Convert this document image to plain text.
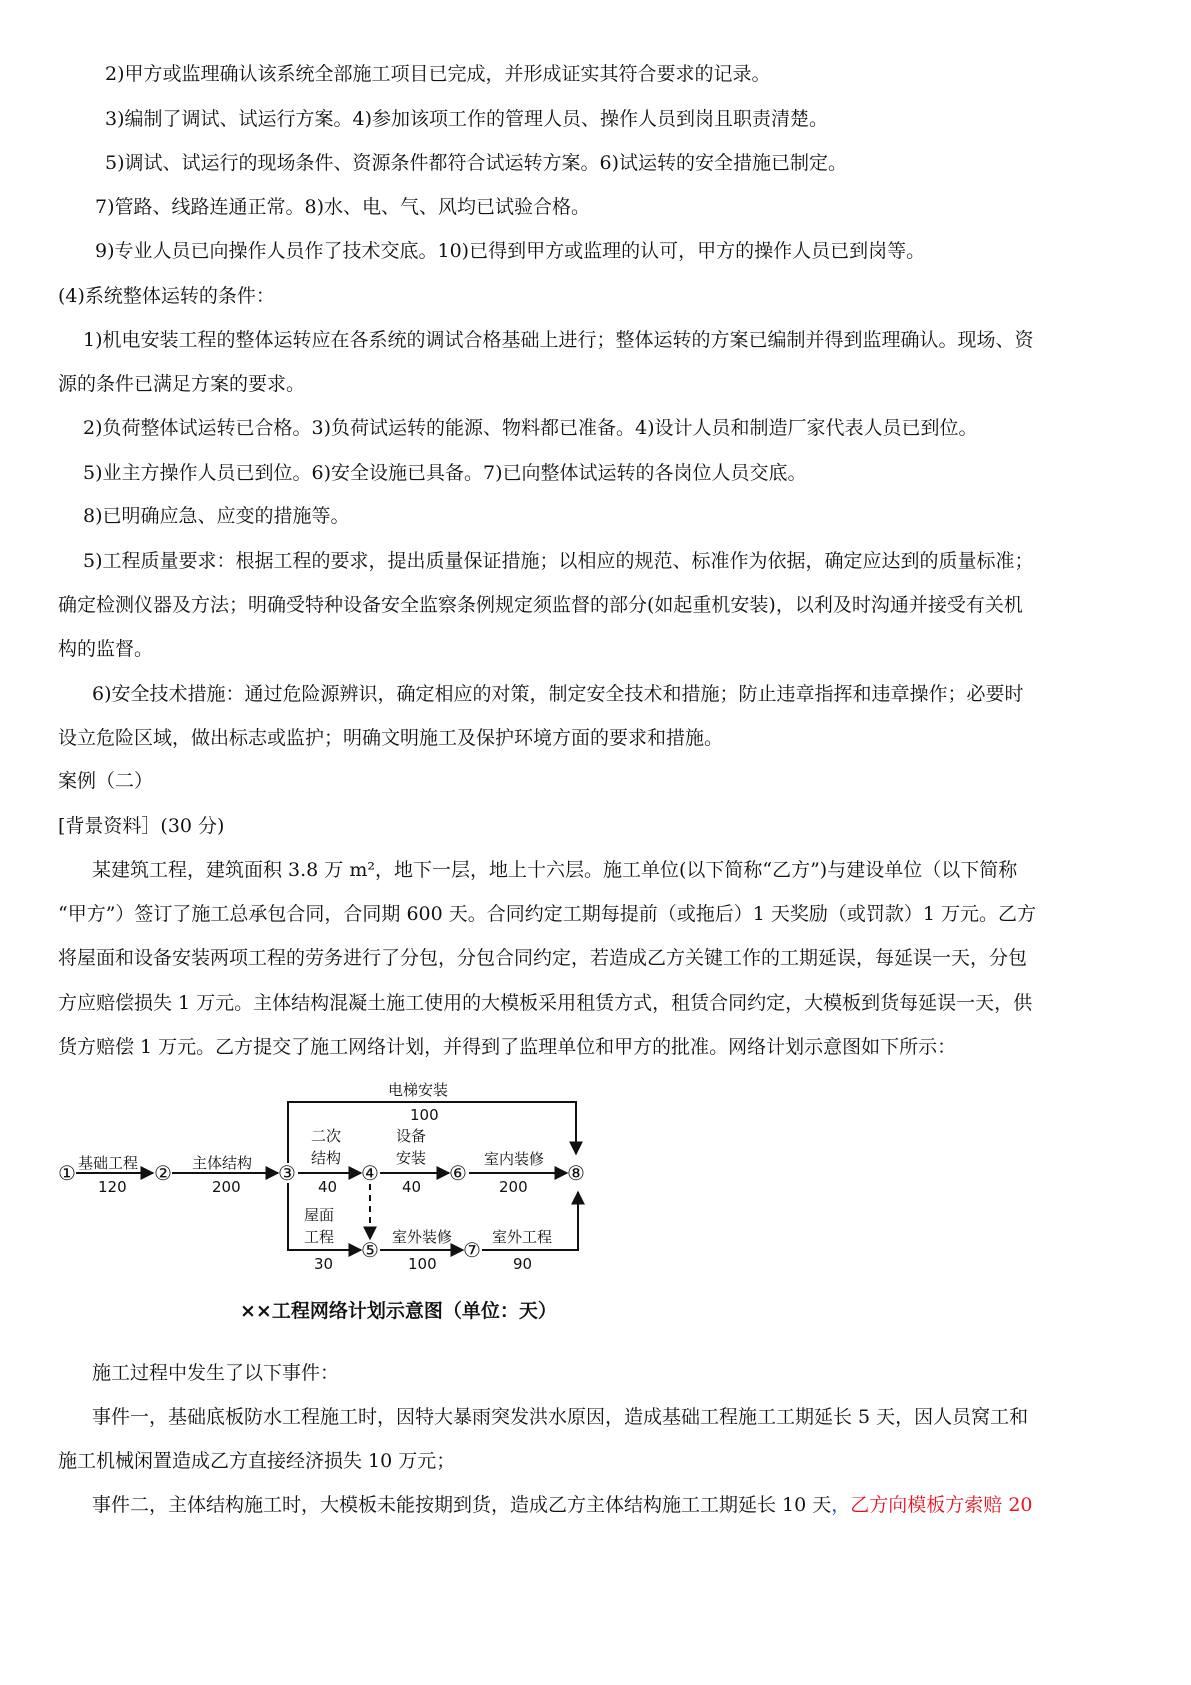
2)甲方或监理确认该系统全部施工项目已完成，并形成证实其符合要求的记录。
3)编制了调试、试运行方案。4)参加该项工作的管理人员、操作人员到岗且职责清楚。
5)调试、试运行的现场条件、资源条件都符合试运转方案。6)试运转的安全措施已制定。
7)管路、线路连通正常。8)水、电、气、风均已试验合格。
9)专业人员已向操作人员作了技术交底。10)已得到甲方或监理的认可，甲方的操作人员已到岗等。
(4)系统整体运转的条件：
1)机电安装工程的整体运转应在各系统的调试合格基础上进行；整体运转的方案已编制并得到监理确认。现场、资
源的条件已满足方案的要求。
2)负荷整体试运转已合格。3)负荷试运转的能源、物料都已准备。4)设计人员和制造厂家代表人员已到位。
5)业主方操作人员已到位。6)安全设施已具备。7)已向整体试运转的各岗位人员交底。
8)已明确应急、应变的措施等。
5)工程质量要求：根据工程的要求，提出质量保证措施；以相应的规范、标准作为依据，确定应达到的质量标准；
确定检测仪器及方法；明确受特种设备安全监察条例规定须监督的部分(如起重机安装)，以利及时沟通并接受有关机
构的监督。
6)安全技术措施：通过危险源辨识，确定相应的对策，制定安全技术和措施；防止违章指挥和违章操作；必要时
设立危险区域，做出标志或监护；明确文明施工及保护环境方面的要求和措施。
案例（二）
[背景资料］(30 分)
某建筑工程，建筑面积 3.8 万 m²，地下一层，地上十六层。施工单位(以下简称“乙方”)与建设单位（以下简称
“甲方”）签订了施工总承包合同，合同期 600 天。合同约定工期每提前（或拖后）1 天奖励（或罚款）1 万元。乙方
将屋面和设备安装两项工程的劳务进行了分包，分包合同约定，若造成乙方关键工作的工期延误，每延误一天，分包
方应赔偿损失 1 万元。主体结构混凝土施工使用的大模板采用租赁方式，租赁合同约定，大模板到货每延误一天，供
货方赔偿 1 万元。乙方提交了施工网络计划，并得到了监理单位和甲方的批准。网络计划示意图如下所示：
①	②	③	④
⑤
⑥
⑦
⑧
基础工程
120
主体结构
200
二次
结构
40
设备
安装
40
室内装修
200
电梯安装
100
屋面
工程
30
室外装修
100
室外工程
90
××工程网络计划示意图（单位：天）
施工过程中发生了以下事件：
事件一，基础底板防水工程施工时，因特大暴雨突发洪水原因，造成基础工程施工工期延长 5 天，因人员窝工和
施工机械闲置造成乙方直接经济损失 10 万元；
事件二，主体结构施工时，大模板未能按期到货，造成乙方主体结构施工工期延长 10 天，乙方向模板方索赔 20
